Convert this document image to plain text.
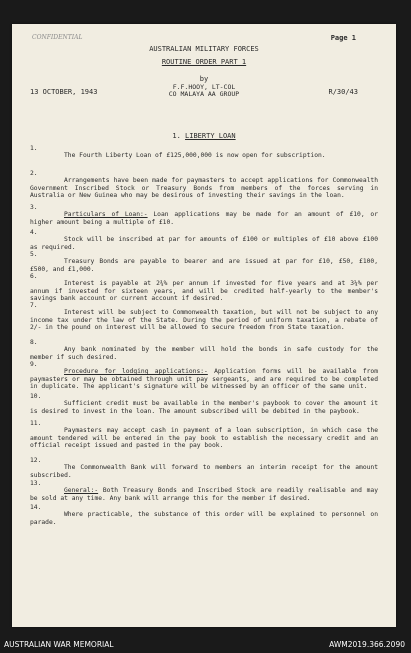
CONFIDENTIAL	Page 1
AUSTRALIAN MILITARY FORCES
ROUTINE ORDER PART 1
by
F.F.HOOY, LT-COL
CO MALAYA AA GROUP
13 OCTOBER, 1943	R/30/43
1. LIBERTY LOAN
1.
The Fourth Liberty Loan of £125,000,000 is now open for subscription.
2.
Arrangements have been made for paymasters to accept applications for Commonwealth Government Inscribed Stock or Treasury Bonds from members of the forces serving in Australia or New Guinea who may be desirous of investing their savings in the loan.
3.
Particulars of Loan:- Loan applications may be made for an amount of £10, or higher amount being a multiple of £10.
4.
Stock will be inscribed at par for amounts of £100 or multiples of £10 above £100 as required.
5.
Treasury Bonds are payable to bearer and are issued at par for £10, £50, £100, £500, and £1,000.
6.
Interest is payable at 2¾% per annum if invested for five years and at 3¼% per annum if invested for sixteen years, and will be credited half-yearly to the member's savings bank account or current account if desired.
7.
Interest will be subject to Commonwealth taxation, but will not be subject to any income tax under the law of the State. During the period of uniform taxation, a rebate of 2/- in the pound on interest will be allowed to secure freedom from State taxation.
8.
Any bank nominated by the member will hold the bonds in safe custody for the member if such desired.
9.
Procedure for lodging applications:- Application forms will be available from paymasters or may be obtained through unit pay sergeants, and are required to be completed in duplicate. The applicant's signature will be witnessed by an officer of the same unit.
10.
Sufficient credit must be available in the member's paybook to cover the amount it is desired to invest in the loan. The amount subscribed will be debited in the paybook.
11.
Paymasters may accept cash in payment of a loan subscription, in which case the amount tendered will be entered in the pay book to establish the necessary credit and an official receipt issued and pasted in the pay book.
12.
The Commonwealth Bank will forward to members an interim receipt for the amount subscribed.
13.
General:- Both Treasury Bonds and Inscribed Stock are readily realisable and may be sold at any time. Any bank will arrange this for the member if desired.
14.
Where practicable, the substance of this order will be explained to personnel on parade.
AUSTRALIAN WAR MEMORIAL	AWM2019.366.2090
